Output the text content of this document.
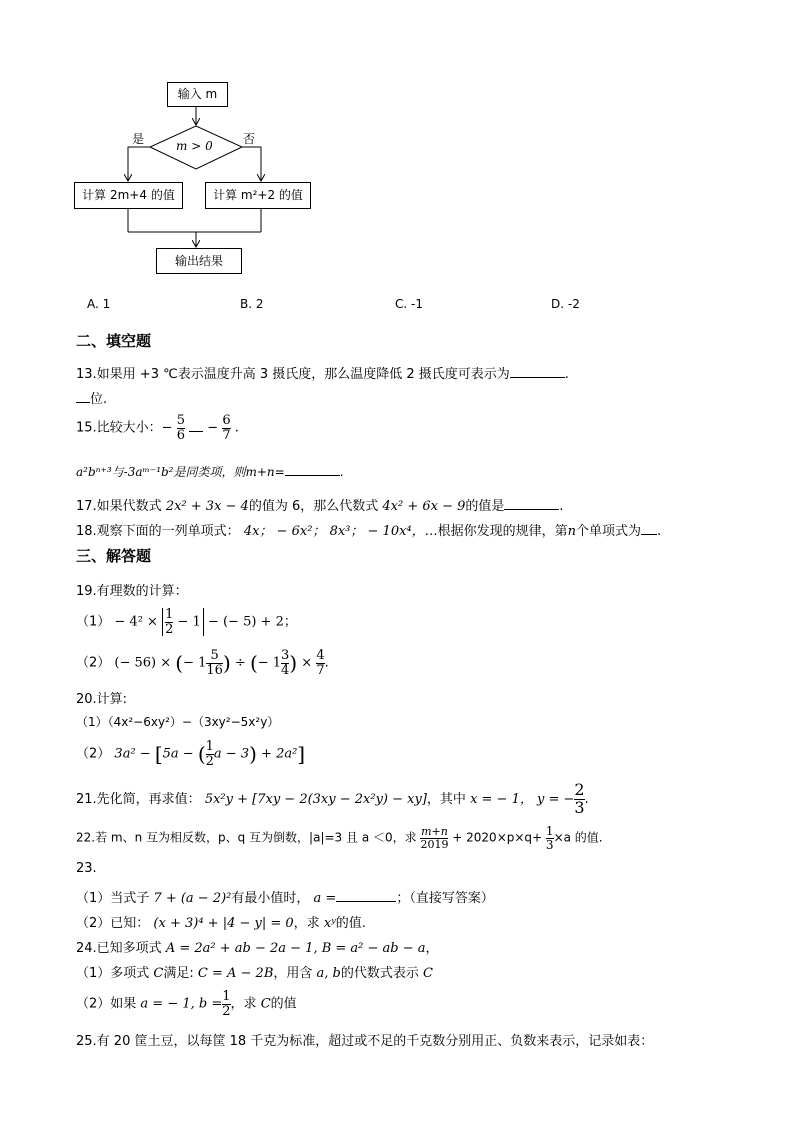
输入 m
m > 0
是	否
计算 2m+4 的值	计算 m²+2 的值
输出结果
A. 1	B. 2	C. -1	D. -2
二、填空题
13.如果用 +3 ℃表示温度升高 3 摄氏度，那么温度降低 2 摄氏度可表示为	.
位.
15.比较大小：− $\frac{5}{6} - \frac{6}{7}$ .
a²bⁿ⁺³与-3aᵐ⁻¹b²是同类项，则m+n=	.
17.如果代数式 2x² + 3x − 4的值为 6，那么代数式 4x² + 6x − 9的值是	.
18.观察下面的一列单项式： 4x； − 6x²； 8x³； − 10x⁴，…根据你发现的规律，第n个单项式为 .
三、解答题
19.有理数的计算：
$(1) - 4^2 \times \frac{1}{2} - 1$ − (− 5) + 2；
（2） (− 56) × (− $1 \frac{5}{16}$ ) ÷ (− $1 \frac{3}{4}$ ) × $\frac{4}{7}$ .
20.计算:
（1）（4x²−6xy²）−（3xy²−5x²y）
（2） 3a² − [5a − ( $\frac{1}{2}$ a − 3) + 2a²]
21.先化简，再求值： 5x²y + [7xy − 2(3xy − 2x²y) − xy]，其中 x = − 1， y = − $\frac{2}{3}$ .
22.若 m、n 互为相反数，p、q 互为倒数，|a|=3 且 a ＜0，求 $\frac{m+n}{2019} + 2020\times p\times q+ \frac{1}{3} \times a$ 的值.
23.
（1）当式子 7 + (a − 2)²有最小值时， a =	；（直接写答案）
（2）已知： (x + 3)⁴ + |4 − y| = 0，求 xʸ的值.
24.已知多项式 A = 2a² + ab − 2a − 1, B = a² − ab − a，
（1）多项式 C满足: C = A − 2B，用含 a, b的代数式表示 C
（2）如果 a = − 1, $b = \frac{1}{2}$ ，求 C的值
25.有 20 筐土豆，以每筐 18 千克为标准，超过或不足的千克数分别用正、负数来表示，记录如表：
